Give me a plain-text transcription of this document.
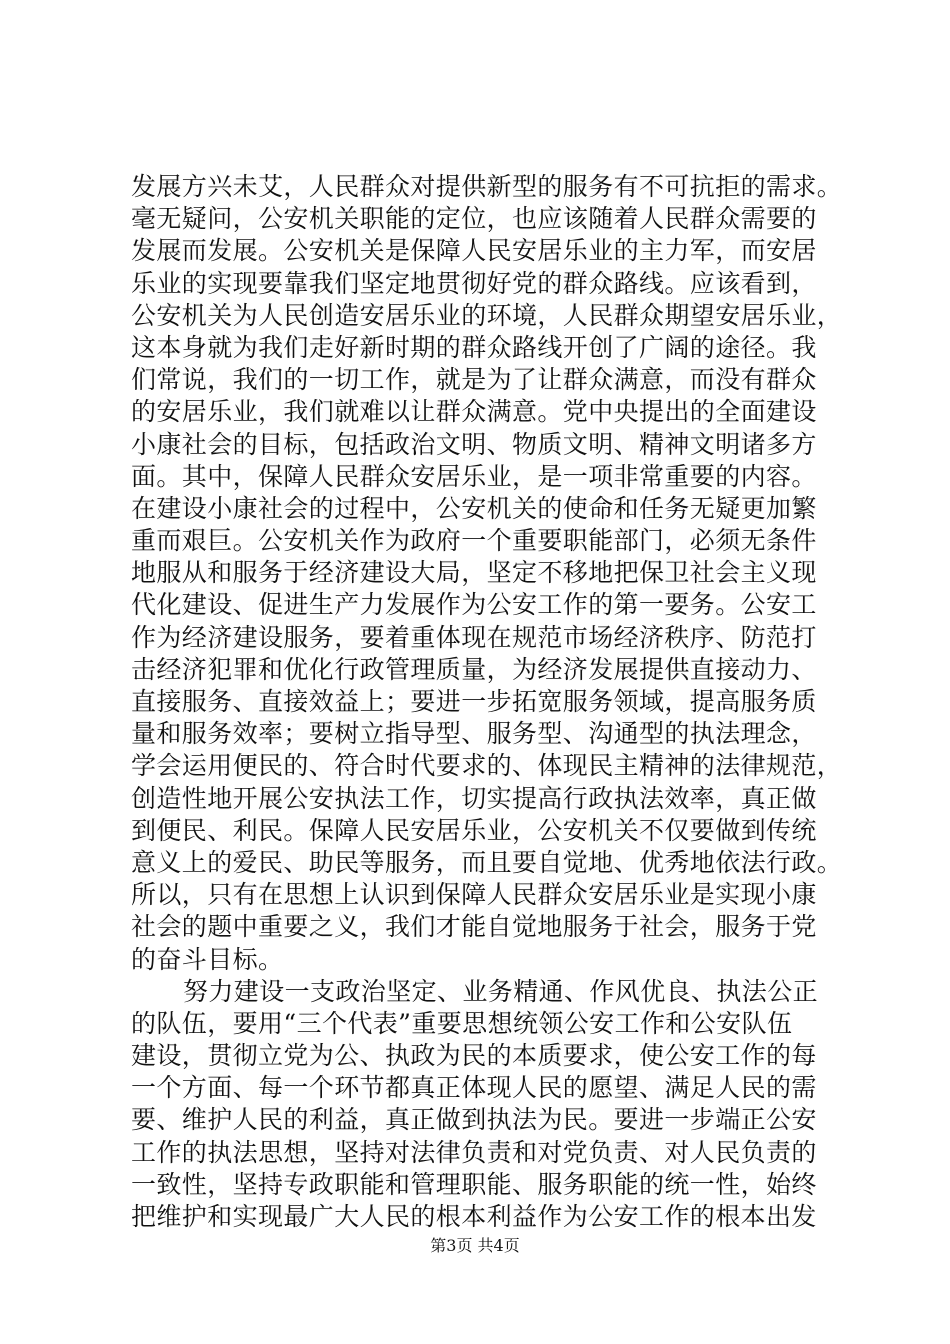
发展方兴未艾，人民群众对提供新型的服务有不可抗拒的需求。
毫无疑问，公安机关职能的定位，也应该随着人民群众需要的
发展而发展。公安机关是保障人民安居乐业的主力军，而安居
乐业的实现要靠我们坚定地贯彻好党的群众路线。应该看到，
公安机关为人民创造安居乐业的环境，人民群众期望安居乐业，
这本身就为我们走好新时期的群众路线开创了广阔的途径。我
们常说，我们的一切工作，就是为了让群众满意，而没有群众
的安居乐业，我们就难以让群众满意。党中央提出的全面建设
小康社会的目标，包括政治文明、物质文明、精神文明诸多方
面。其中，保障人民群众安居乐业，是一项非常重要的内容。
在建设小康社会的过程中，公安机关的使命和任务无疑更加繁
重而艰巨。公安机关作为政府一个重要职能部门，必须无条件
地服从和服务于经济建设大局，坚定不移地把保卫社会主义现
代化建设、促进生产力发展作为公安工作的第一要务。公安工
作为经济建设服务，要着重体现在规范市场经济秩序、防范打
击经济犯罪和优化行政管理质量，为经济发展提供直接动力、
直接服务、直接效益上；要进一步拓宽服务领域，提高服务质
量和服务效率；要树立指导型、服务型、沟通型的执法理念，
学会运用便民的、符合时代要求的、体现民主精神的法律规范，
创造性地开展公安执法工作，切实提高行政执法效率，真正做
到便民、利民。保障人民安居乐业，公安机关不仅要做到传统
意义上的爱民、助民等服务，而且要自觉地、优秀地依法行政。
所以，只有在思想上认识到保障人民群众安居乐业是实现小康
社会的题中重要之义，我们才能自觉地服务于社会，服务于党
的奋斗目标。
努力建设一支政治坚定、业务精通、作风优良、执法公正
的队伍，要用“三个代表”重要思想统领公安工作和公安队伍
建设，贯彻立党为公、执政为民的本质要求，使公安工作的每
一个方面、每一个环节都真正体现人民的愿望、满足人民的需
要、维护人民的利益，真正做到执法为民。要进一步端正公安
工作的执法思想，坚持对法律负责和对党负责、对人民负责的
一致性，坚持专政职能和管理职能、服务职能的统一性，始终
把维护和实现最广大人民的根本利益作为公安工作的根本出发
第3页 共4页
